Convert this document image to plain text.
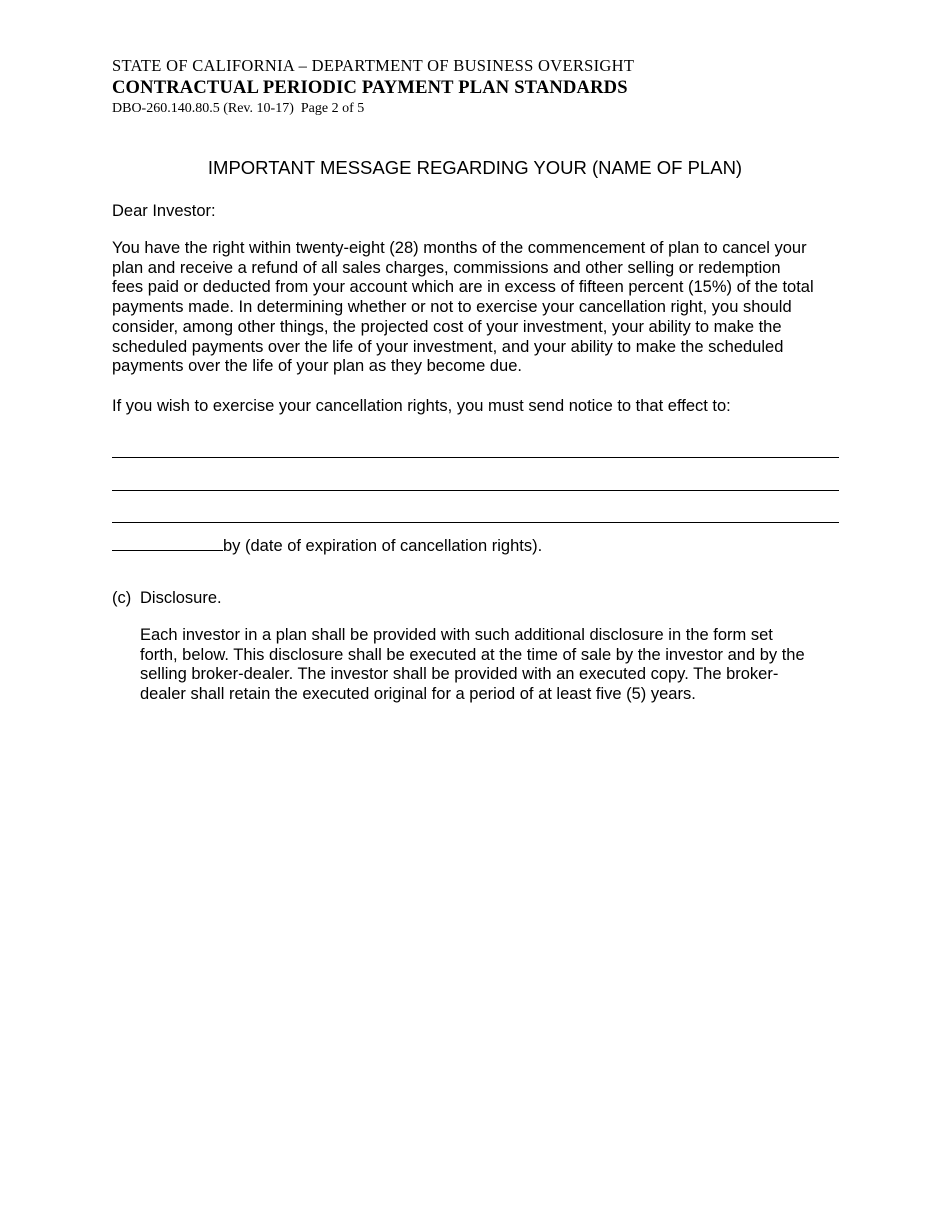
STATE OF CALIFORNIA – DEPARTMENT OF BUSINESS OVERSIGHT
CONTRACTUAL PERIODIC PAYMENT PLAN STANDARDS
DBO-260.140.80.5 (Rev. 10-17)  Page 2 of 5
IMPORTANT MESSAGE REGARDING YOUR (NAME OF PLAN)
Dear Investor:
You have the right within twenty-eight (28) months of the commencement of plan to cancel your
plan and receive a refund of all sales charges, commissions and other selling or redemption
fees paid or deducted from your account which are in excess of fifteen percent (15%) of the total
payments made. In determining whether or not to exercise your cancellation right, you should
consider, among other things, the projected cost of your investment, your ability to make the
scheduled payments over the life of your investment, and your ability to make the scheduled
payments over the life of your plan as they become due.
If you wish to exercise your cancellation rights, you must send notice to that effect to:
by (date of expiration of cancellation rights).
(c) Disclosure.
Each investor in a plan shall be provided with such additional disclosure in the form set
forth, below. This disclosure shall be executed at the time of sale by the investor and by the
selling broker-dealer. The investor shall be provided with an executed copy. The broker-
dealer shall retain the executed original for a period of at least five (5) years.
